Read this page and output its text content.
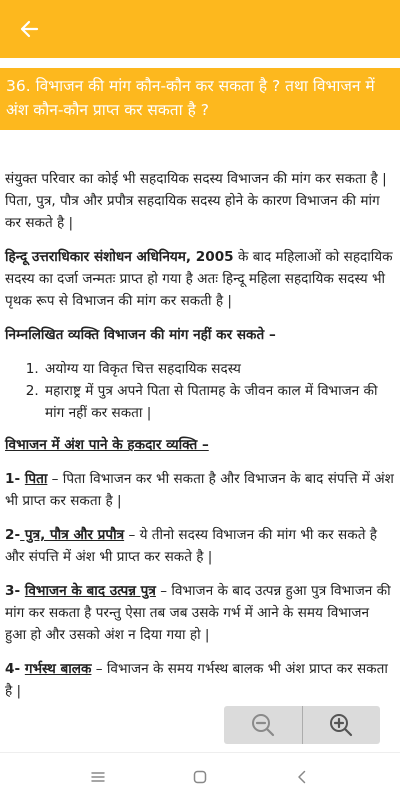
36. विभाजन की मांग कौन-कौन कर सकता है ? तथा विभाजन में अंश कौन-कौन प्राप्त कर सकता है ?

संयुक्त परिवार का कोई भी सहदायिक सदस्य विभाजन की मांग कर सकता है | पिता, पुत्र, पौत्र और प्रपौत्र सहदायिक सदस्य होने के कारण विभाजन की मांग कर सकते है |

हिन्दू उत्तराधिकार संशोधन अधिनियम, 2005 के बाद महिलाओं को सहदायिक सदस्य का दर्जा जन्मतः प्राप्त हो गया है अतः हिन्दू महिला सहदायिक सदस्य भी पृथक रूप से विभाजन की मांग कर सकती है |

निम्नलिखित व्यक्ति विभाजन की मांग नहीं कर सकते –

1. अयोग्य या विकृत चित्त सहदायिक सदस्य
2. महाराष्ट्र में पुत्र अपने पिता से पितामह के जीवन काल में विभाजन की मांग नहीं कर सकता |

विभाजन में अंश पाने के हकदार व्यक्ति –

1- पिता – पिता विभाजन कर भी सकता है और विभाजन के बाद संपत्ति में अंश भी प्राप्त कर सकता है |

2- पुत्र, पौत्र और प्रपौत्र – ये तीनो सदस्य विभाजन की मांग भी कर सकते है और संपत्ति में अंश भी प्राप्त कर सकते है |

3- विभाजन के बाद उत्पन्न पुत्र – विभाजन के बाद उत्पन्न हुआ पुत्र विभाजन की मांग कर सकता है परन्तु ऐसा तब जब उसके गर्भ में आने के समय विभाजन हुआ हो और उसको अंश न दिया गया हो |

4- गर्भस्थ बालक – विभाजन के समय गर्भस्थ बालक भी अंश प्राप्त कर सकता है |
